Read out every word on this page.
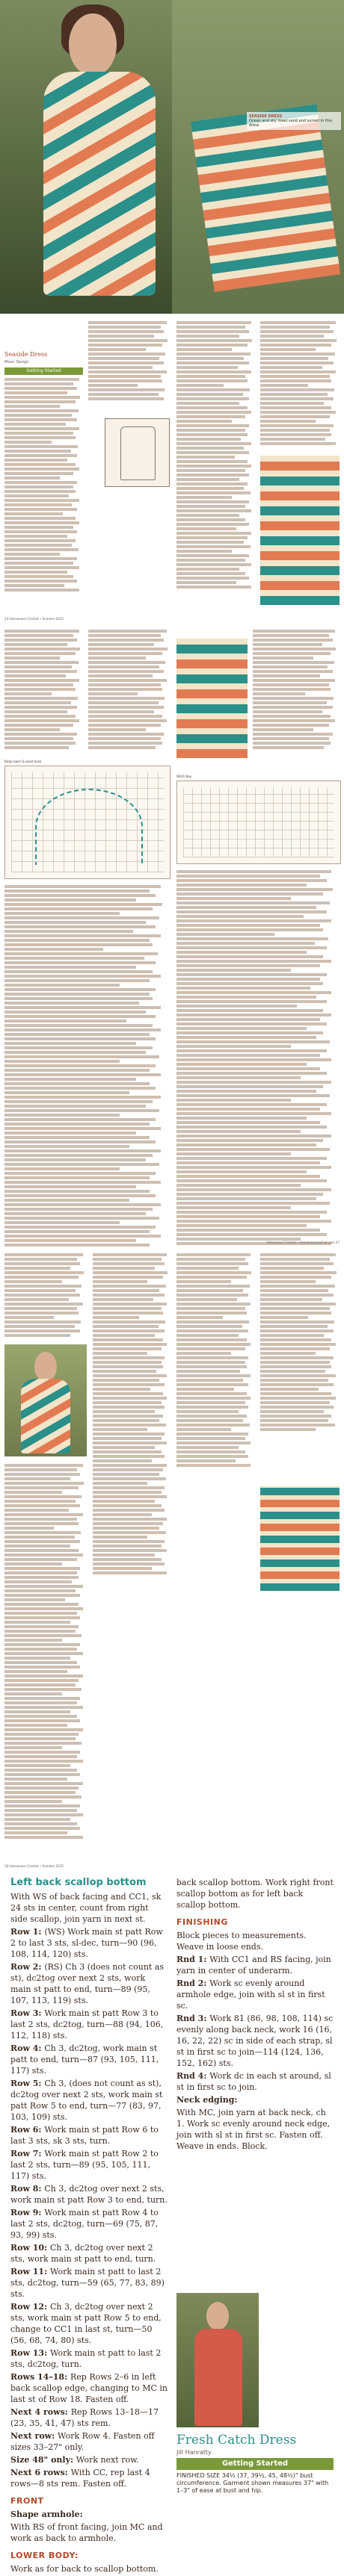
SEASIDE DRESS
Ocean and sky meet sand and sunset in this dress
Seaside Dress
Moon Design
Getting Started
24 Interweave Crochet • Summer 2015
Body lower & waist back
Stitch Key
Interweave Crochet • interweavecrochet.com 27
28 Interweave Crochet • Summer 2015
Left back scallop bottom

With WS of back facing and CC1, sk 24 sts in center, count from right side scallop, join yarn in next st.

Row 1: (WS) Work main st patt Row 2 to last 3 sts, sl-dec, turn—90 (96, 108, 114, 120) sts.

Row 2: (RS) Ch 3 (does not count as st), dc2tog over next 2 sts, work main st patt to end, turn—89 (95, 107, 113, 119) sts.

Row 3: Work main st patt Row 3 to last 2 sts, dc2tog, turn—88 (94, 106, 112, 118) sts.

Row 4: Ch 3, dc2tog, work main st patt to end, turn—87 (93, 105, 111, 117) sts.

Row 5: Ch 3, (does not count as st), dc2tog over next 2 sts, work main st patt Row 5 to end, turn—77 (83, 97, 103, 109) sts.

Row 6: Work main st patt Row 6 to last 3 sts, sk 3 sts, turn.

Row 7: Work main st patt Row 2 to last 2 sts, turn—89 (95, 105, 111, 117) sts.

Row 8: Ch 3, dc2tog over next 2 sts, work main st patt Row 3 to end, turn.

Row 9: Work main st patt Row 4 to last 2 sts, dc2tog, turn—69 (75, 87, 93, 99) sts.

Row 10: Ch 3, dc2tog over next 2 sts, work main st patt to end, turn.

Row 11: Work main st patt to last 2 sts, dc2tog, turn—59 (65, 77, 83, 89) sts.

Row 12: Ch 3, dc2tog over next 2 sts, work main st patt Row 5 to end, change to CC1 in last st, turn—50 (56, 68, 74, 80) sts.

Row 13: Work main st patt to last 2 sts, dc2tog, turn.

Rows 14–18: Rep Rows 2–6 in left back scallop edge, changing to MC in last st of Row 18. Fasten off.

Next 4 rows: Rep Rows 13–18—17 (23, 35, 41, 47) sts rem.

Next row: Work Row 4. Fasten off sizes 33–27" only.

Size 48" only: Work next row.

Next 6 rows: With CC, rep last 4 rows—8 sts rem. Fasten off.

FRONT

Shape armhole:

With RS of front facing, join MC and work as back to armhole.

LOWER BODY:

Work as for back to scallop bottom.

back scallop bottom. Work right front scallop bottom as for left back scallop bottom.

FINISHING

Block pieces to measurements. Weave in loose ends.

Rnd 1: With CC1 and RS facing, join yarn in center of underarm.

Rnd 2: Work sc evenly around armhole edge, join with sl st in first sc.

Rnd 3: Work 81 (86, 98, 108, 114) sc evenly along back neck, work 16 (16, 16, 22, 22) sc in side of each strap, sl st in first sc to join—114 (124, 136, 152, 162) sts.

Rnd 4: Work dc in each st around, sl st in first sc to join.

Neck edging:

With MC, join yarn at back neck, ch 1. Work sc evenly around neck edge, join with sl st in first sc. Fasten off. Weave in ends. Block.

Fresh Catch Dress
Jill Hanratty
Getting Started
FINISHED SIZE 34½ (37, 39½, 45, 48½)" bust circumference. Garment shown measures 37" with 1–3" of ease at bust and hip.
